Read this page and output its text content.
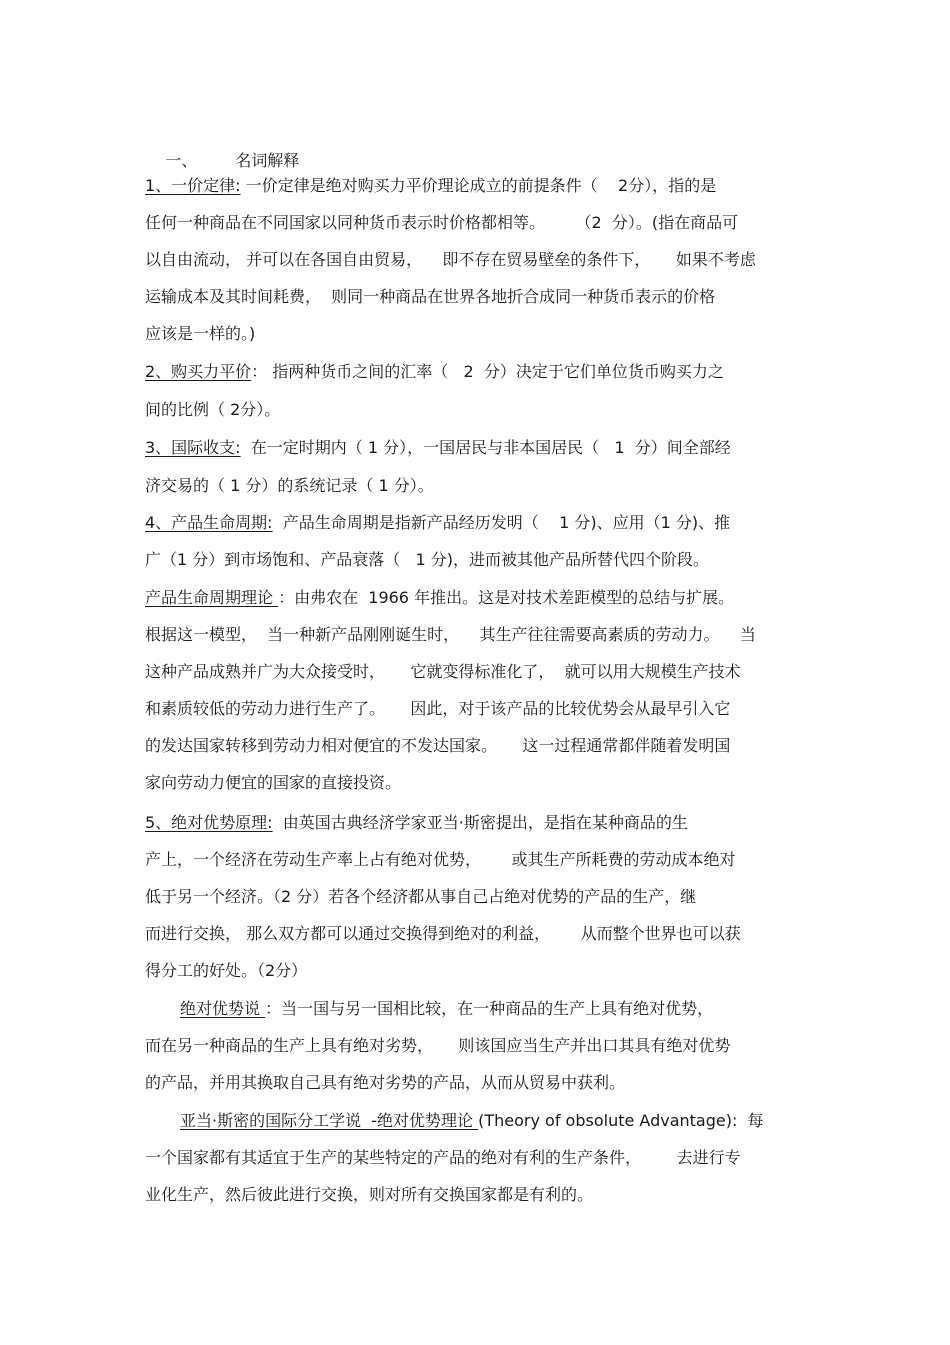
一、 名词解释

1、一价定律: 一价定律是绝对购买力平价理论成立的前提条件（    2分），指的是
任何一种商品在不同国家以同种货币表示时价格都相等。      （2  分）。(指在商品可
以自由流动， 并可以在各国自由贸易，    即不存在贸易壁垒的条件下，     如果不考虑
运输成本及其时间耗费，  则同一种商品在世界各地折合成同一种货币表示的价格
应该是一样的。)
2、购买力平价： 指两种货币之间的汇率（   2  分）决定于它们单位货币购买力之
间的比例（ 2分）。
3、国际收支:  在一定时期内（ 1 分），一国居民与非本国居民（   1  分）间全部经
济交易的（ 1 分）的系统记录（ 1 分）。
4、产品生命周期:  产品生命周期是指新产品经历发明（    1 分)、应用（1 分)、推
广（1 分）到市场饱和、产品衰落（   1 分)，进而被其他产品所替代四个阶段。
产品生命周期理论 ：由弗农在  1966 年推出。这是对技术差距模型的总结与扩展。
根据这一模型，  当一种新产品刚刚诞生时，    其生产往往需要高素质的劳动力。    当
这种产品成熟并广为大众接受时，     它就变得标准化了，  就可以用大规模生产技术
和素质较低的劳动力进行生产了。     因此，对于该产品的比较优势会从最早引入它
的发达国家转移到劳动力相对便宜的不发达国家。     这一过程通常都伴随着发明国
家向劳动力便宜的国家的直接投资。
5、绝对优势原理:  由英国古典经济学家亚当·斯密提出，是指在某种商品的生
产上，一个经济在劳动生产率上占有绝对优势，      或其生产所耗费的劳动成本绝对
低于另一个经济。（2 分）若各个经济都从事自己占绝对优势的产品的生产，继
而进行交换， 那么双方都可以通过交换得到绝对的利益，      从而整个世界也可以获
得分工的好处。（2分）
绝对优势说 ：当一国与另一国相比较，在一种商品的生产上具有绝对优势，
而在另一种商品的生产上具有绝对劣势，     则该国应当生产并出口其具有绝对优势
的产品，并用其换取自己具有绝对劣势的产品，从而从贸易中获利。
亚当·斯密的国际分工学说  -绝对优势理论 (Theory of obsolute Advantage):  每
一个国家都有其适宜于生产的某些特定的产品的绝对有利的生产条件，       去进行专
业化生产，然后彼此进行交换，则对所有交换国家都是有利的。
